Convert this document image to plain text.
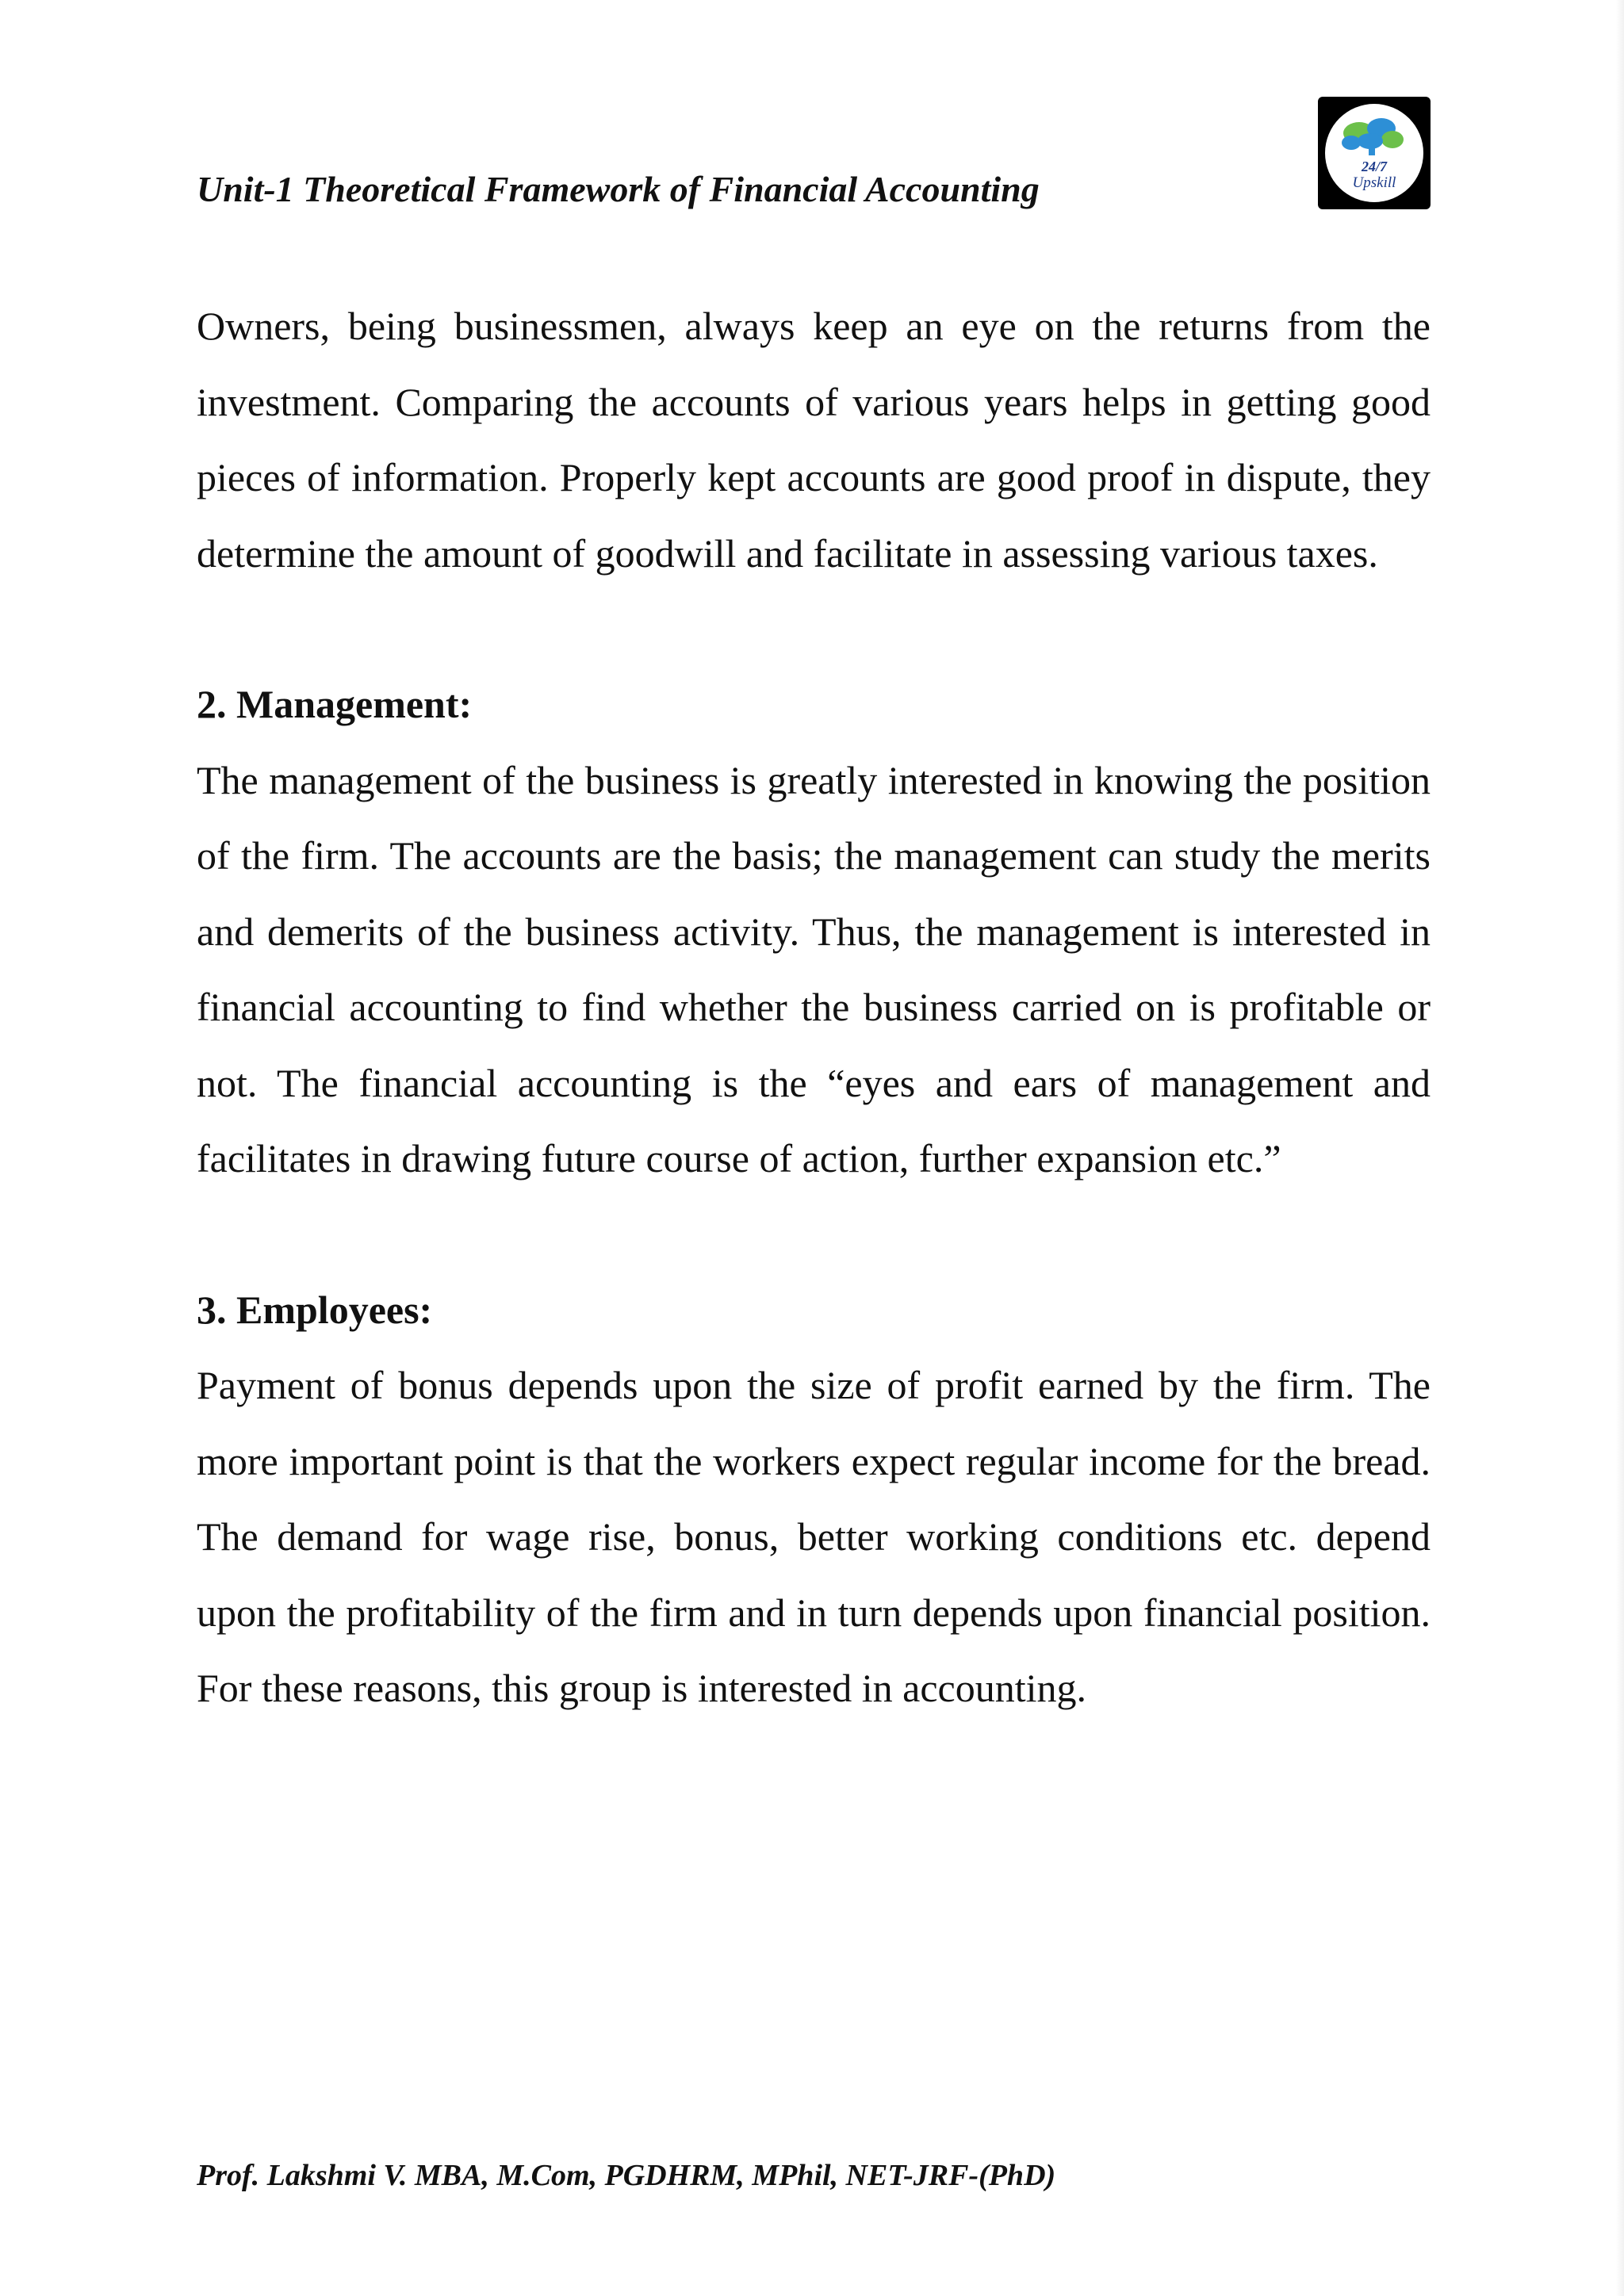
Unit-1 Theoretical Framework of Financial Accounting
24/7
Upskill

Owners, being businessmen, always keep an eye on the returns from the investment. Comparing the accounts of various years helps in getting good pieces of information. Properly kept accounts are good proof in dispute, they determine the amount of goodwill and facilitate in assessing various taxes.

2. Management:

The management of the business is greatly interested in knowing the position of the firm. The accounts are the basis; the management can study the merits and demerits of the business activity. Thus, the management is interested in financial accounting to find whether the business carried on is profitable or not. The financial accounting is the “eyes and ears of management and facilitates in drawing future course of action, further expansion etc.”

3. Employees:

Payment of bonus depends upon the size of profit earned by the firm. The more important point is that the workers expect regular income for the bread. The demand for wage rise, bonus, better working conditions etc. depend upon the profitability of the firm and in turn depends upon financial position. For these reasons, this group is interested in accounting.

Prof. Lakshmi V. MBA, M.Com, PGDHRM, MPhil, NET-JRF-(PhD)
